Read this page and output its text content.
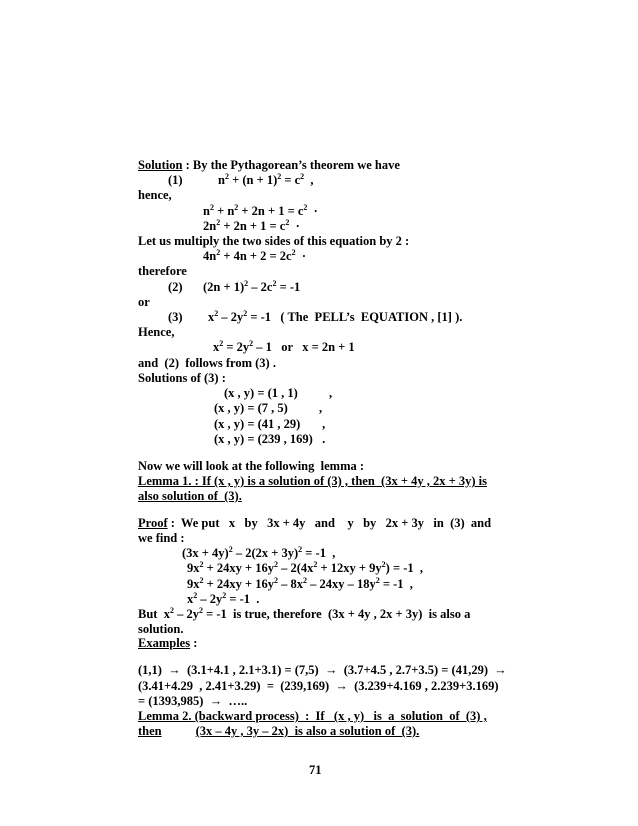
Solution : By the Pythagorean’s theorem we have
(1)	$n^2 + (n + 1)^2 = c^2$  ,
hence,
$n^2 + n^2 + 2n + 1 = c^2$  ·
$2n^2 + 2n + 1 = c^2$  ·
Let us multiply the two sides of this equation by 2 :
$4n^2 + 4n + 2 = 2c^2$  ·
therefore
(2) $(2n + 1)^2 - 2c^2 = -1$
or
(3) $x^2 - 2y^2 = -1$   ( The  PELL’s  EQUATION , [1] ).
Hence,
$x^2 = 2y^2 - 1$   or   x = 2n + 1
and  (2)  follows from (3) .
Solutions of (3) :
(x , y) = (1 , 1)          ,
(x , y) = (7 , 5)          ,
(x , y) = (41 , 29)       ,
(x , y) = (239 , 169)   .
Now we will look at the following  lemma :
Lemma 1. : If (x , y) is a solution of (3) , then  (3x + 4y , 2x + 3y) is
also solution of  (3).
Proof :  We put   x   by   3x + 4y   and    y   by   2x + 3y   in  (3)  and
we find :
$(3x + 4y)^2 - 2(2x + 3y)^2 = -1$  ,
$9x^2 + 24xy + 16y^2 - 2(4x^2 + 12xy + 9y^2) = -1$  ,
$9x^2 + 24xy + 16y^2 - 8x^2 - 24xy - 18y^2 = -1$  ,
$x^2 - 2y^2 = -1$  .
But  $x^2 - 2y^2 = -1$  is true, therefore  (3x + 4y , 2x + 3y)  is also a
solution.
Examples :
(1,1)  →  (3.1+4.1 , 2.1+3.1) = (7,5)  →  (3.7+4.5 , 2.7+3.5) = (41,29)  →
(3.41+4.29  , 2.41+3.29)  =  (239,169)  →  (3.239+4.169 , 2.239+3.169)
= (1393,985)  →  …..
Lemma 2. (backward process)  :  If   (x , y)   is  a  solution  of  (3) ,
then	(3x – 4y , 3y – 2x)  is also a solution of  (3).
71
